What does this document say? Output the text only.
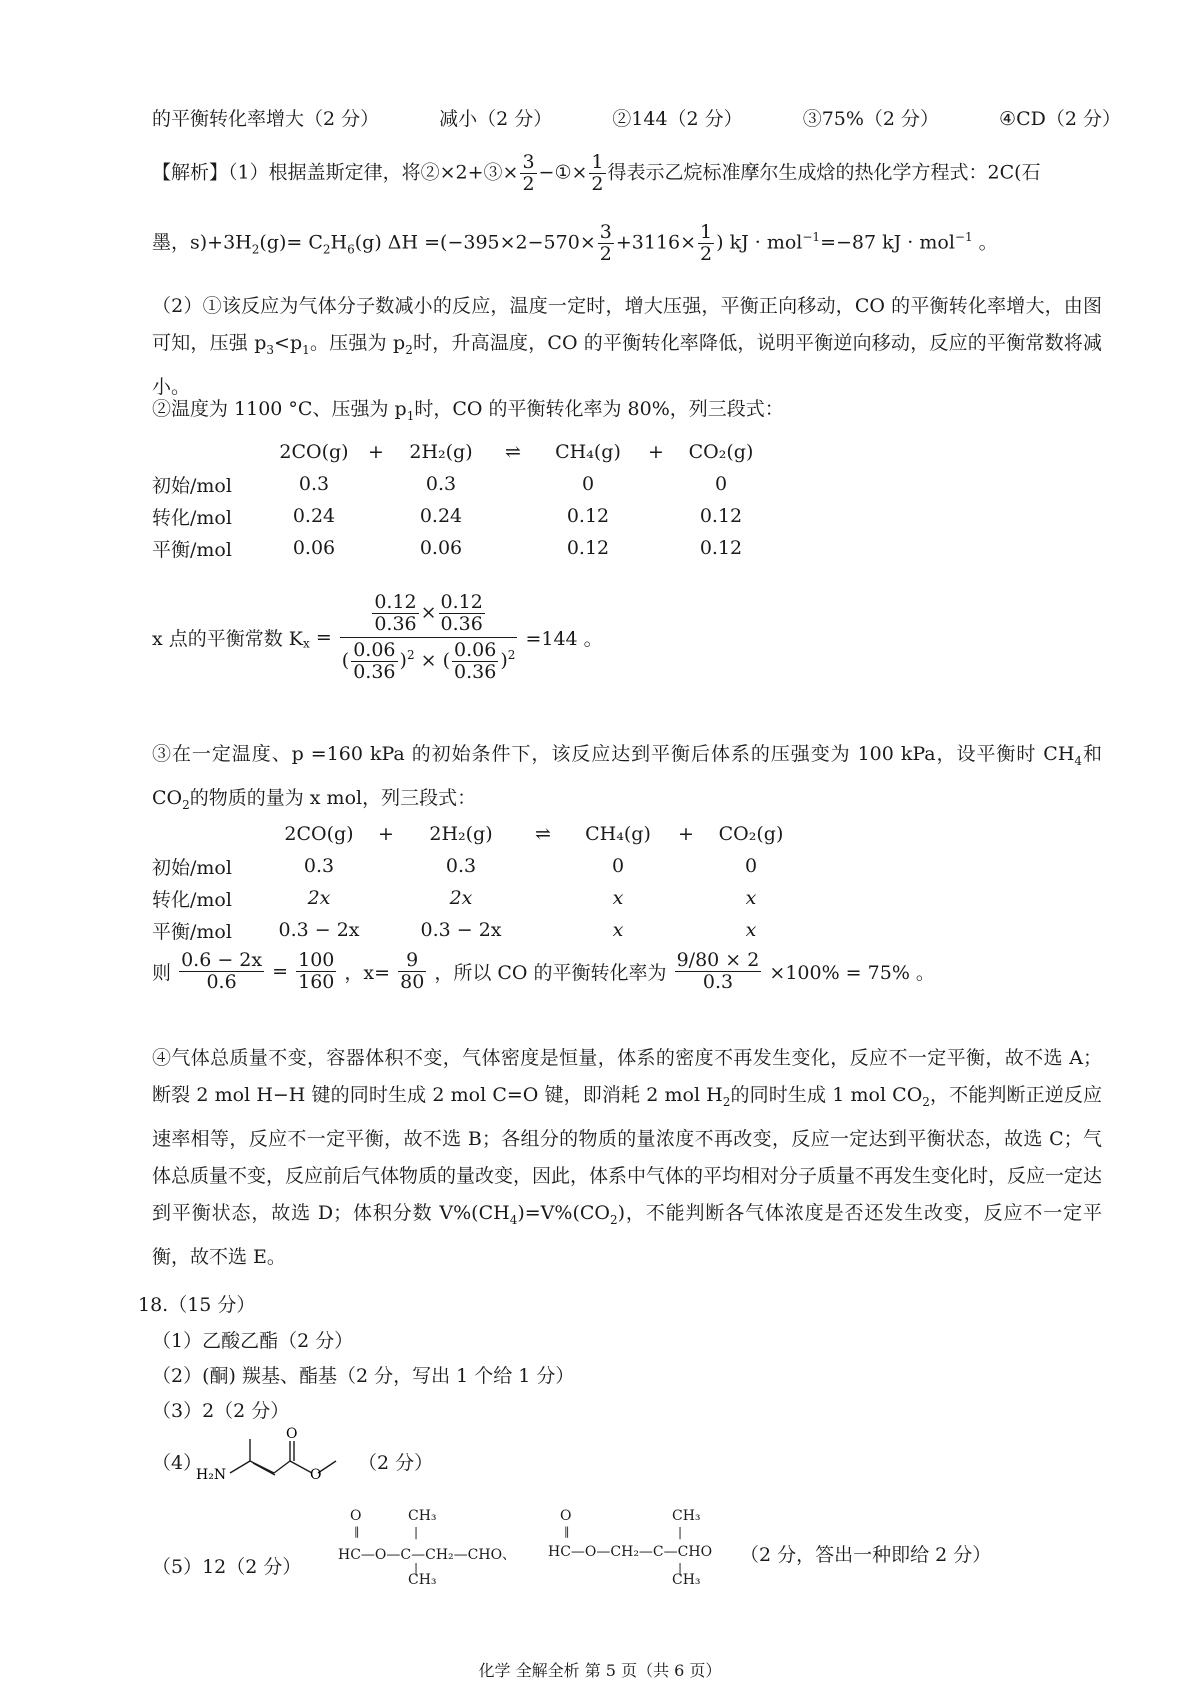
的平衡转化率增大（2 分）	减小（2 分）	②144（2 分）	③75%（2 分）	④CD（2 分）
【解析】（1）根据盖斯定律，将②×2+③× $\frac{3}{2}$ −①× $\frac{1}{2}$ 得表示乙烷标准摩尔生成焓的热化学方程式：2C(石
墨，$s)+3H_2(g)= C_2H_6(g)$ $\Delta H =(-395\times 2-570\times \frac{3}{2} +3116\times \frac{1}{2}$ ) kJ · mol$^{-1}$=−87 kJ · mol$^{-1}$ 。
（2）①该反应为气体分子数减小的反应，温度一定时，增大压强，平衡正向移动，CO 的平衡转化率增大，由图可知，压强 $p_3<p_1$。压强为 $p_2$时，升高温度，CO 的平衡转化率降低，说明平衡逆向移动，反应的平衡常数将减小。
②温度为 1100 °C、压强为 $p_1$时，CO 的平衡转化率为 80%，列三段式：
	2CO(g)	+	2H₂(g)	⇌	CH₄(g)	+	CO₂(g)
初始/mol	0.3		0.3		0		0
转化/mol	0.24		0.24		0.12		0.12
平衡/mol	0.06		0.06		0.12		0.12
x 点的平衡常数 $K_x = \frac{\frac{0.12}{0.36} \times \frac{0.12}{0.36}}{( \frac{0.06}{0.36} )^2 \times ( \frac{0.06}{0.36} )^2} =144$ 。
③在一定温度、p =160 kPa 的初始条件下，该反应达到平衡后体系的压强变为 100 kPa，设平衡时 $CH_4$和 $CO_2$的物质的量为 x mol，列三段式：
	2CO(g)	+	2H₂(g)	⇌	CH₄(g)	+	CO₂(g)
初始/mol	0.3		0.3		0		0
转化/mol	2x		2x		x		x
平衡/mol	0.3 − 2x		0.3 − 2x		x		x
则 $\frac{0.6 - 2x}{0.6} = \frac{100}{160}$ ，$x= \frac{9}{80}$ ，所以 CO 的平衡转化率为 $\frac{9/80 \times 2}{0.3} \times 100\% = 75\%$ 。
④气体总质量不变，容器体积不变，气体密度是恒量，体系的密度不再发生变化，反应不一定平衡，故不选 A；断裂 2 mol H−H 键的同时生成 2 mol C=O 键，即消耗 2 mol $H_2$的同时生成 1 mol $CO_2$，不能判断正逆反应速率相等，反应不一定平衡，故不选 B；各组分的物质的量浓度不再改变，反应一定达到平衡状态，故选 C；气体总质量不变，反应前后气体物质的量改变，因此，体系中气体的平均相对分子质量不再发生变化时，反应一定达到平衡状态，故选 D；体积分数 $V\%(CH_4)=V\%(CO_2)$，不能判断各气体浓度是否还发生改变，反应不一定平衡，故不选 E。
18.（15 分）
（1）乙酸乙酯（2 分）
（2）(酮) 羰基、酯基（2 分，写出 1 个给 1 分）
（3）2（2 分）
（4）
H₂N
O
O
（2 分）
（5）12（2 分）
O
‖
CH₃
|
HC—O—C—CH₂—CHO、
|
CH₃
O
‖
CH₃
|
HC—O—CH₂—C—CHO
|
CH₃
（2 分，答出一种即给 2 分）
化学 全解全析 第 5 页（共 6 页）
